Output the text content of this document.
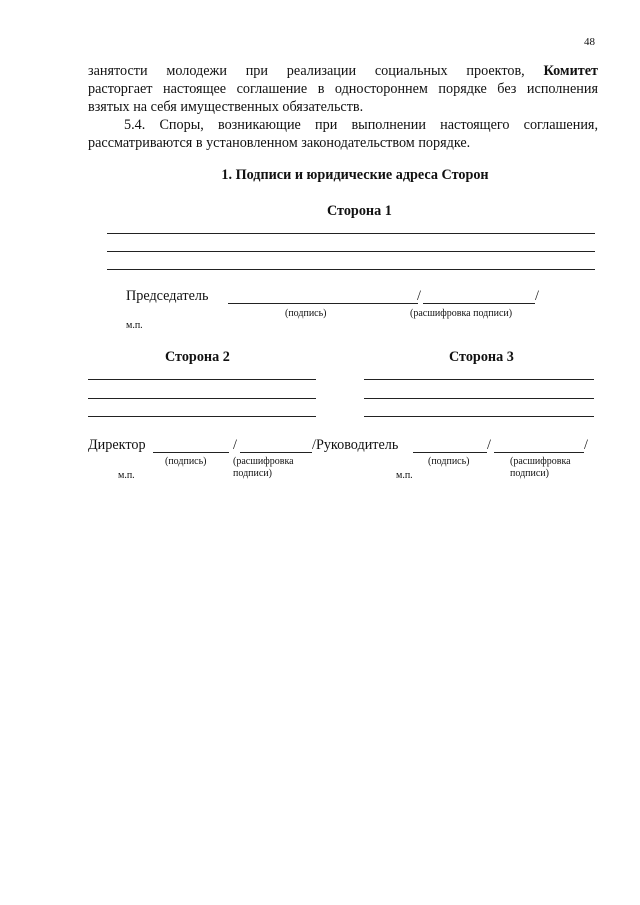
48
занятости молодежи при реализации социальных проектов, Комитет
расторгает настоящее соглашение в одностороннем порядке без исполнения
взятых на себя имущественных обязательств.
5.4. Споры, возникающие при выполнении настоящего соглашения,
рассматриваются в установленном законодательством порядке.
1. Подписи и юридические адреса Сторон
Сторона 1
Председатель	/	/
(подпись)	(расшифровка подписи)
м.п.
Сторона 2	Сторона 3
Директор	/	/Руководитель	/	/
(подпись)	(расшифровка
подписи)
м.п.
(подпись)	(расшифровка
подписи)
м.п.
